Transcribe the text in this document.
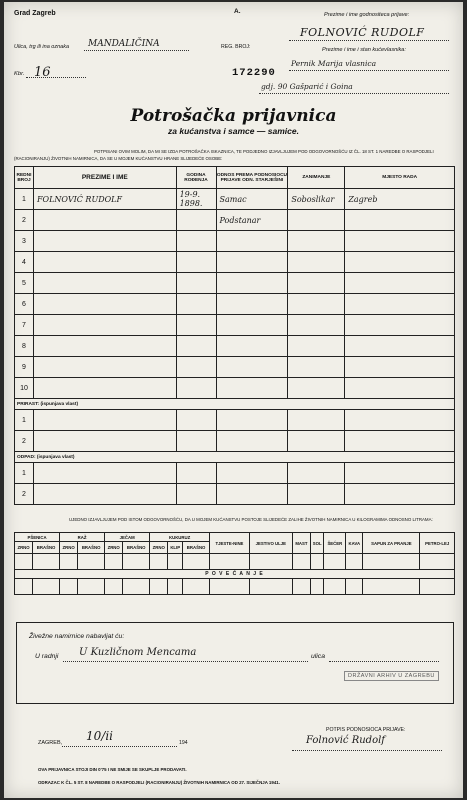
Grad Zagreb
Ulica, trg ili ina oznaka MANDALIČINA
Kbr. 16
A.
REG. BROJ:
172290
Prezime i ime godnositeca prijave:
FOLNOVIĆ RUDOLF
Prezime i ime i stan kućevlasnika:
Pernik Marija vlasnica
gdj. 90 Gašparić i Goina
Potrošačka prijavnica
za kućanstva i samce — samice.
POTPISANI OVIM MOLIM, DA MI SE IZDA POTROŠAČKA ISKAZNICA, TE PODJEDNO IZJAVLJUJEM POD ODGOVORNOŠĆU IZ ČL. 18 ST. 1 NAREDBE O RASPODJELI (RACIONIRANJU) ŽIVOTNIH NAMIRNICA, DA SE U MOJEM KUĆANSTVU HRANE SLIJEDEĆE OSOBE:
REDNI BROJ	PREZIME I IME	GODINA ROĐENJA	ODNOS PREMA PODNOSIOCU PRIJAVE ODN. STARJEŠINI	ZANIMANJE	MJESTO RADA
1	FOLNOVIĆ RUDOLF	19-9. 1898.	Samac	Soboslikar	Zagreb
2			Podstanar		
3					
4					
5					
6					
7					
8					
9					
10					
PRIRAST: (ispunjava vlast)					
1					
2					
ODPAD: (ispunjava vlast)					
1					
2					
UJEDNO IZJAVLJUJEM POD ISTOM ODGOVORNOŠĆU, DA U MOJEM KUĆANSTVU POSTOJE SLIJEDEĆE ZALIHE ŽIVOTNIH NAMIRNICA U KILOGRAMIMA ODNOSNO LITRAMA:
PŠENICA		RAŽ		JEČAM		KUKURUZ			TJESTE-NINE	JESTIVO ULJE	MAST	SOL	ŠEĆER	KAVA	SAPUN ZA PRANJE	PETRO-LEJ
ZRNO	BRAŠNO	ZRNO	BRAŠNO	ZRNO	BRAŠNO	ZRNO	KLIP	BRAŠNO								

P O V E Ć A N J E																

Živežne namirnice nabavljat ću:
U radnji U Kuzličnom Mencama	ulica
DRŽAVNI ARHIV U ZAGREBU
ZAGREB, 10/ii	194
POTPIS PODNOSIOCA PRIJAVE:
Folnović Rudolf
OVA PRIJAVNICA STOJI DIN 0'75 I NE SMIJE SE SKUPLJE PRODAVATI.
ODRAZAC K ČL. 5 ST. 8 NAREDBE O RASPODJELI (RACIONIRANJU) ŽIVOTNIH NAMIRNICA OD 27. SIJEČNJA 1941.
